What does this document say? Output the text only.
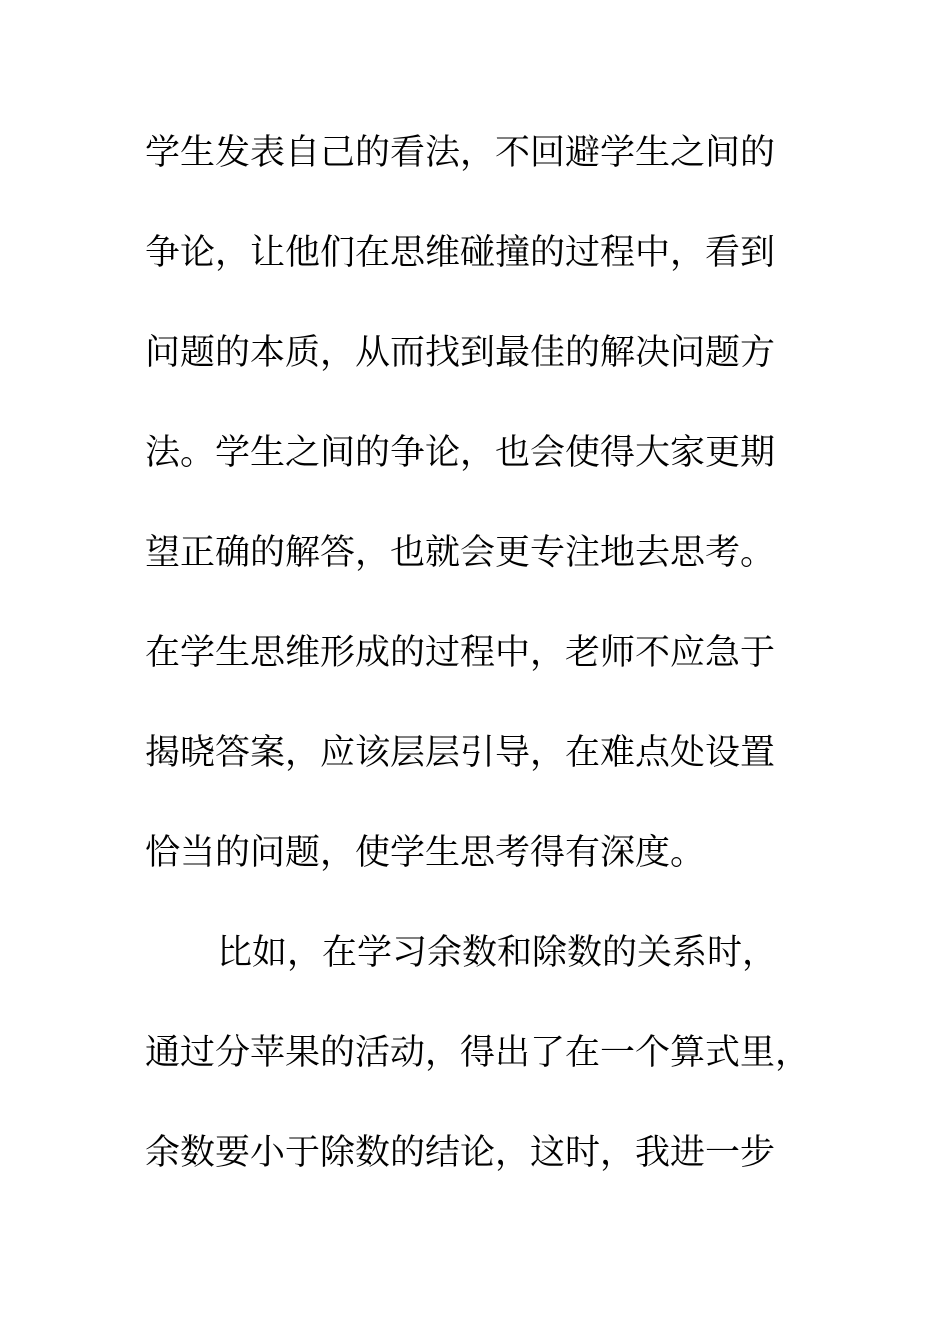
学生发表自己的看法，不回避学生之间的
争论，让他们在思维碰撞的过程中，看到
问题的本质，从而找到最佳的解决问题方
法。学生之间的争论，也会使得大家更期
望正确的解答，也就会更专注地去思考。
在学生思维形成的过程中，老师不应急于
揭晓答案，应该层层引导，在难点处设置
恰当的问题，使学生思考得有深度。
比如，在学习余数和除数的关系时，
通过分苹果的活动，得出了在一个算式里，
余数要小于除数的结论，这时，我进一步
